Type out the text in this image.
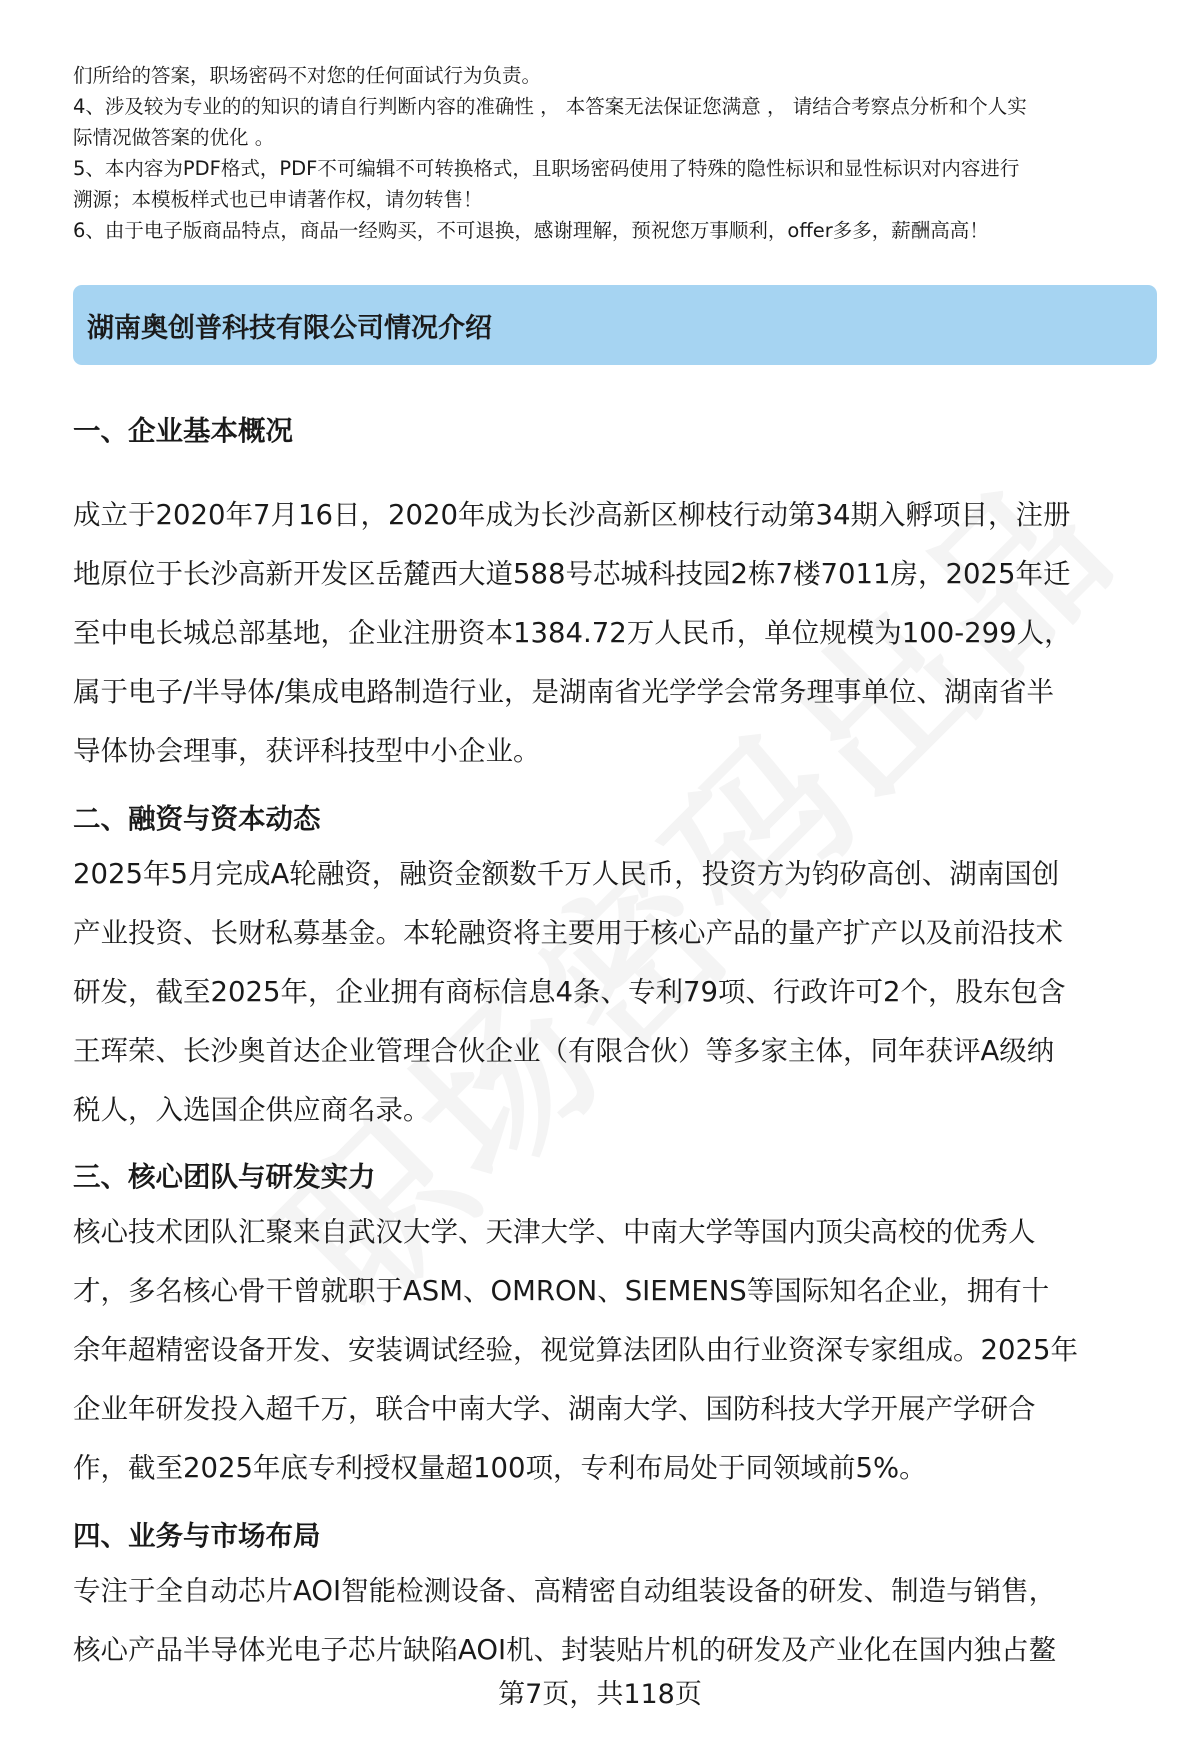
们所给的答案，职场密码不对您的任何面试行为负责。

4、涉及较为专业的的知识的请自行判断内容的准确性 ， 本答案无法保证您满意 ， 请结合考察点分析和个人实

际情况做答案的优化 。

5、本内容为PDF格式，PDF不可编辑不可转换格式，且职场密码使用了特殊的隐性标识和显性标识对内容进行

溯源；本模板样式也已申请著作权，请勿转售！

6、由于电子版商品特点，商品一经购买，不可退换，感谢理解，预祝您万事顺利，offer多多，薪酬高高！

湖南奥创普科技有限公司情况介绍
一、企业基本概况

成立于2020年7月16日，2020年成为长沙高新区柳枝行动第34期入孵项目，注册

地原位于长沙高新开发区岳麓西大道588号芯城科技园2栋7楼7011房，2025年迁

至中电长城总部基地，企业注册资本1384.72万人民币，单位规模为100-299人，

属于电子/半导体/集成电路制造行业，是湖南省光学学会常务理事单位、湖南省半

导体协会理事，获评科技型中小企业。

二、融资与资本动态

2025年5月完成A轮融资，融资金额数千万人民币，投资方为钧矽高创、湖南国创

产业投资、长财私募基金。本轮融资将主要用于核心产品的量产扩产以及前沿技术

研发，截至2025年，企业拥有商标信息4条、专利79项、行政许可2个，股东包含

王珲荣、长沙奥首达企业管理合伙企业（有限合伙）等多家主体，同年获评A级纳

税人，入选国企供应商名录。

三、核心团队与研发实力

核心技术团队汇聚来自武汉大学、天津大学、中南大学等国内顶尖高校的优秀人

才，多名核心骨干曾就职于ASM、OMRON、SIEMENS等国际知名企业，拥有十

余年超精密设备开发、安装调试经验，视觉算法团队由行业资深专家组成。2025年

企业年研发投入超千万，联合中南大学、湖南大学、国防科技大学开展产学研合

作，截至2025年底专利授权量超100项，专利布局处于同领域前5%。

四、业务与市场布局

专注于全自动芯片AOI智能检测设备、高精密自动组装设备的研发、制造与销售，

核心产品半导体光电子芯片缺陷AOI机、封装贴片机的研发及产业化在国内独占鳌

第7页，共118页
